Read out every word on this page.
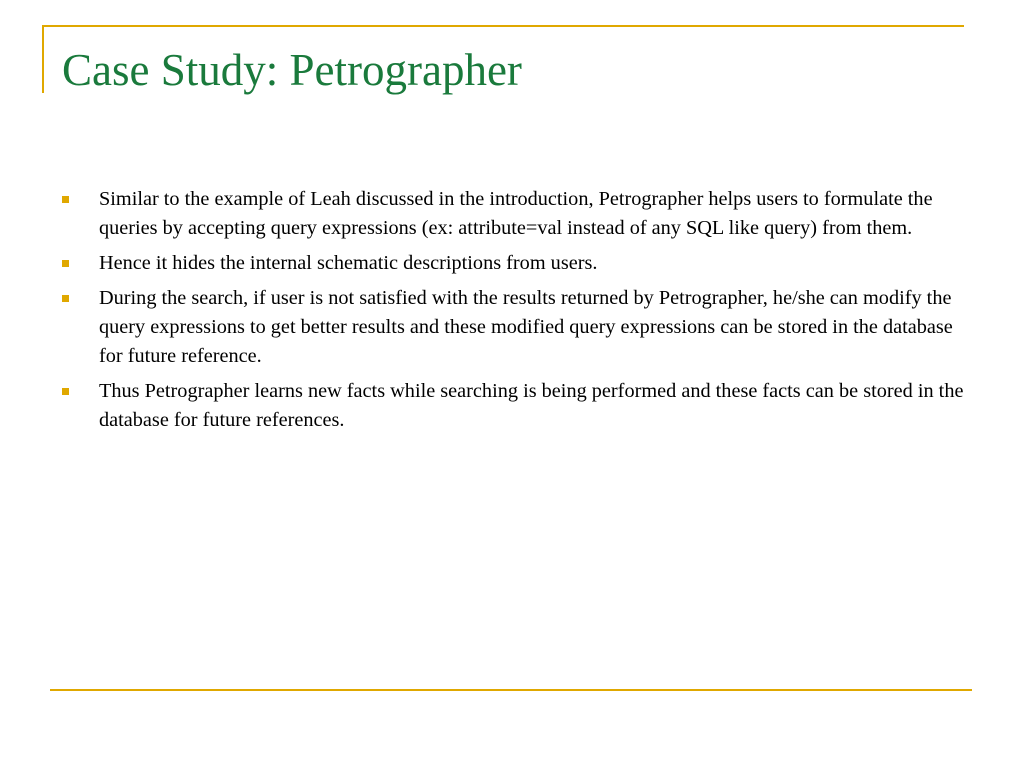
Case Study: Petrographer
Similar to the example of Leah discussed in the introduction, Petrographer helps users to formulate the queries by accepting query expressions (ex: attribute=val instead of any SQL like query) from them.
Hence it hides the internal schematic descriptions from users.
During the search, if user is not satisfied with the results returned by Petrographer, he/she can modify the query expressions to get better results and these modified query expressions can be stored in the database for future reference.
Thus Petrographer learns new facts while searching is being performed and these facts can be stored in the database for future references.
